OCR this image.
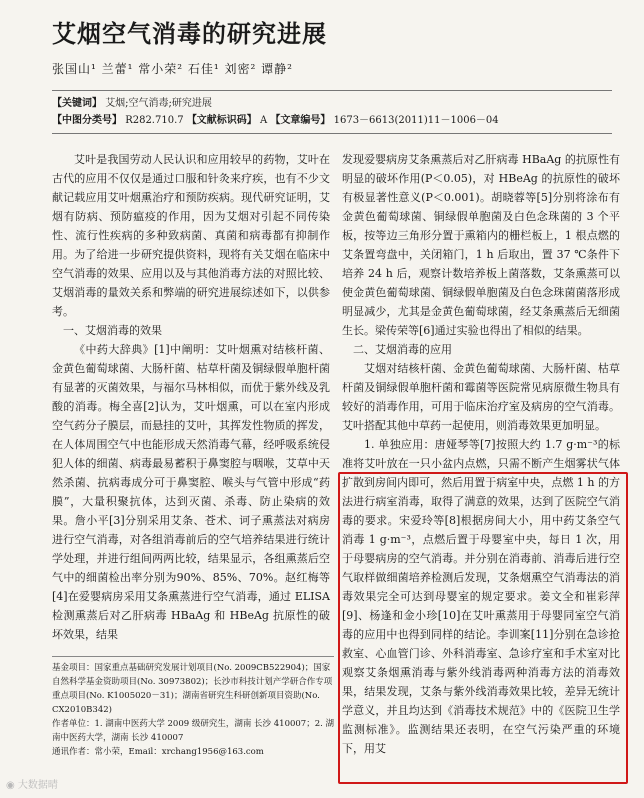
艾烟空气消毒的研究进展
张国山¹ 兰蕾¹ 常小荣² 石佳¹ 刘密² 谭静²
【关键词】 艾烟;空气消毒;研究进展
【中图分类号】 R282.710.7 【文献标识码】 A 【文章编号】 1673－6613(2011)11－1006－04

艾叶是我国劳动人民认识和应用较早的药物，艾叶在古代的应用不仅仅是通过口服和针灸来疗疾，也有不少文献记载应用艾叶烟熏治疗和预防疾病。现代研究证明，艾烟有防病、预防瘟疫的作用，因为艾烟对引起不同传染性、流行性疾病的多种致病菌、真菌和病毒都有抑制作用。为了给进一步研究提供资料，现将有关艾烟在临床中空气消毒的效果、应用以及与其他消毒方法的对照比较、艾烟消毒的量效关系和弊端的研究进展综述如下，以供参考。

一、艾烟消毒的效果

《中药大辞典》[1]中阐明：艾叶烟熏对结核杆菌、金黄色葡萄球菌、大肠杆菌、枯草杆菌及铜绿假单胞杆菌有显著的灭菌效果，与福尔马林相似，而优于紫外线及乳酸的消毒。梅全喜[2]认为，艾叶烟熏，可以在室内形成空气药分子膜层，而悬挂的艾叶，其挥发性物质的挥发，在人体周围空气中也能形成天然消毒气幕，经呼吸系统侵犯人体的细菌、病毒最易蓄积于鼻窦腔与咽喉，艾草中天然杀菌、抗病毒成分可于鼻窦腔、喉头与气管中形成“药膜”，大量积聚抗体，达到灭菌、杀毒、防止染病的效果。詹小平[3]分别采用艾条、苍术、诃子熏蒸法对病房进行空气消毒，对各组消毒前后的空气培养结果进行统计学处理，并进行组间两两比较，结果显示，各组熏蒸后空气中的细菌检出率分别为90%、85%、70%。赵红梅等[4]在爱婴病房采用艾条熏蒸进行空气消毒，通过 ELISA 检测熏蒸后对乙肝病毒 HBaAg 和 HBeAg 抗原性的破坏效果，结果

发现爱婴病房艾条熏蒸后对乙肝病毒 HBaAg 的抗原性有明显的破坏作用(P＜0.05)，对 HBeAg 的抗原性的破坏有极显著性意义(P＜0.001)。胡晓蓉等[5]分别将涂布有金黄色葡萄球菌、铜绿假单胞菌及白色念珠菌的 3 个平板，按等边三角形分置于熏箱内的栅栏板上，1 根点燃的艾条置弯盘中，关闭箱门，1 h 后取出，置 37 ℃条件下培养 24 h 后，观察计数培养板上菌落数，艾条熏蒸可以使金黄色葡萄球菌、铜绿假单胞菌及白色念珠菌菌落形成明显减少，尤其是金黄色葡萄球菌，经艾条熏蒸后无细菌生长。梁传荣等[6]通过实验也得出了相似的结果。

二、艾烟消毒的应用

艾烟对结核杆菌、金黄色葡萄球菌、大肠杆菌、枯草杆菌及铜绿假单胞杆菌和霉菌等医院常见病原微生物具有较好的消毒作用，可用于临床治疗室及病房的空气消毒。艾叶搭配其他中草药一起使用，则消毒效果更加明显。

1. 单独应用：唐娅琴等[7]按照大约 1.7 g·m⁻³的标准将艾叶放在一只小盆内点燃，只需不断产生烟雾状气体扩散到房间内即可，然后用置于病室中央，点燃 1 h 的方法进行病室消毒，取得了满意的效果，达到了医院空气消毒的要求。宋爱玲等[8]根据房间大小，用中药艾条空气消毒 1 g·m⁻³，点燃后置于母婴室中央，每日 1 次，用于母婴病房的空气消毒。并分别在消毒前、消毒后进行空气取样做细菌培养检测后发现，艾条烟熏空气消毒法的消毒效果完全可达到母婴室的规定要求。姜文全和崔彩萍[9]、杨逢和金小珍[10]在艾叶熏蒸用于母婴同室空气消毒的应用中也得到同样的结论。李训案[11]分别在急诊抢救室、心血管门诊、外科消毒室、急诊疗室和手术室对比观察艾条烟熏消毒与紫外线消毒两种消毒方法的消毒效果，结果发现，艾条与紫外线消毒效果比较，差异无统计学意义，并且均达到《消毒技术规范》中的《医院卫生学监测标准》。监测结果还表明，在空气污染严重的环境下，用艾

基金项目：国家重点基础研究发展计划项目(No. 2009CB522904)；国家自然科学基金资助项目(No. 30973802)；长沙市科技计划产学研合作专项重点项目(No. K1005020－31)；湖南省研究生科研创新项目资助(No. CX2010B342)
作者单位：1. 湖南中医药大学 2009 级研究生，湖南 长沙 410007；2. 湖南中医药大学，湖南 长沙 410007
通讯作者：常小荣，Email：xrchang1956@163.com
◉ 大数据晴
